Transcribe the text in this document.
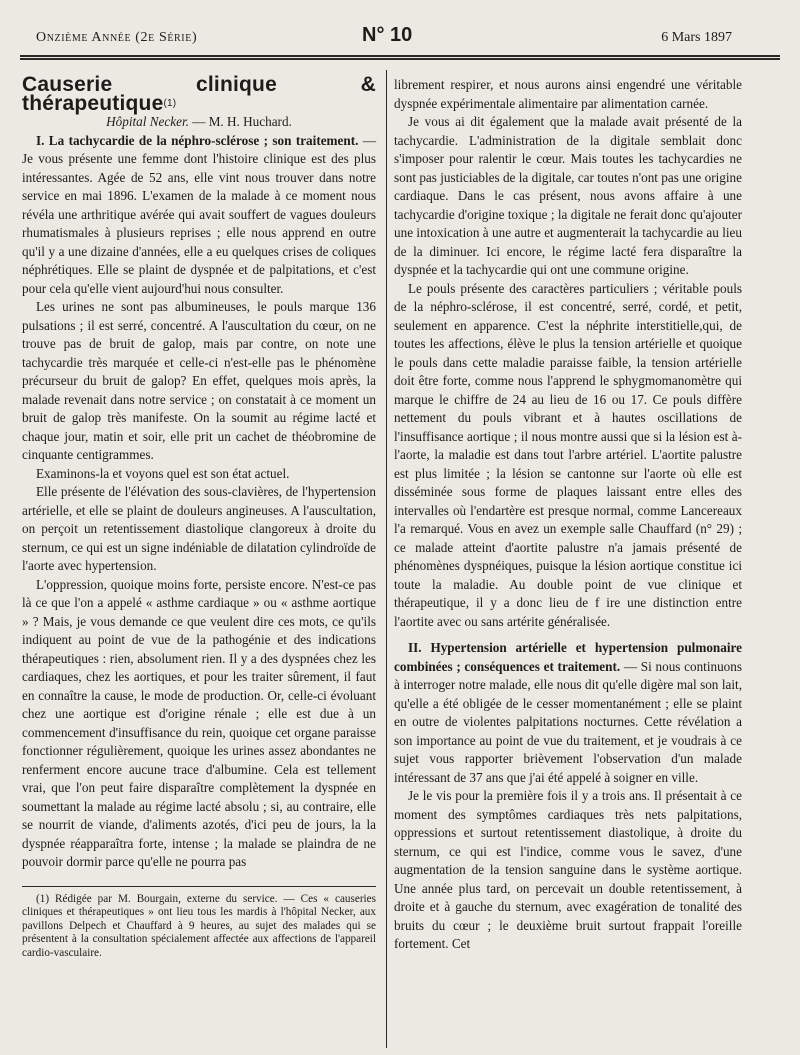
Onzième Année (2e Série)	N° 10	6 Mars 1897

Causerie clinique & thérapeutique$^{(1)}$

Hôpital Necker. — M. H. Huchard.

I. La tachycardie de la néphro-sclérose ; son traitement. — Je vous présente une femme dont l'histoire clinique est des plus intéressantes. Agée de 52 ans, elle vint nous trouver dans notre service en mai 1896. L'examen de la malade à ce moment nous révéla une arthritique avérée qui avait souffert de vagues douleurs rhumatismales à plusieurs reprises ; elle nous apprend en outre qu'il y a une dizaine d'années, elle a eu quelques crises de coliques néphrétiques. Elle se plaint de dyspnée et de palpitations, et c'est pour cela qu'elle vient aujourd'hui nous consulter.

Les urines ne sont pas albumineuses, le pouls marque 136 pulsations ; il est serré, concentré. A l'auscultation du cœur, on ne trouve pas de bruit de galop, mais par contre, on note une tachycardie très marquée et celle-ci n'est-elle pas le phénomène précurseur du bruit de galop? En effet, quelques mois après, la malade revenait dans notre service ; on constatait à ce moment un bruit de galop très manifeste. On la soumit au régime lacté et chaque jour, matin et soir, elle prit un cachet de théobromine de cinquante centigrammes.

Examinons-la et voyons quel est son état actuel.

Elle présente de l'élévation des sous-clavières, de l'hypertension artérielle, et elle se plaint de douleurs angineuses. A l'auscultation, on perçoit un retentissement diastolique clangoreux à droite du sternum, ce qui est un signe indéniable de dilatation cylindroïde de l'aorte avec hypertension.

L'oppression, quoique moins forte, persiste encore. N'est-ce pas là ce que l'on a appelé « asthme cardiaque » ou « asthme aortique » ? Mais, je vous demande ce que veulent dire ces mots, ce qu'ils indiquent au point de vue de la pathogénie et des indications thérapeutiques : rien, absolument rien. Il y a des dyspnées chez les cardiaques, chez les aortiques, et pour les traiter sûrement, il faut en connaître la cause, le mode de production. Or, celle-ci évoluant chez une aortique est d'origine rénale ; elle est due à un commencement d'insuffisance du rein, quoique cet organe paraisse fonctionner régulièrement, quoique les urines assez abondantes ne renferment encore aucune trace d'albumine. Cela est tellement vrai, que l'on peut faire disparaître complètement la dyspnée en soumettant la malade au régime lacté absolu ; si, au contraire, elle se nourrit de viande, d'aliments azotés, d'ici peu de jours, la la dyspnée réapparaîtra forte, intense ; la malade se plaindra de ne pouvoir dormir parce qu'elle ne pourra pas

(1) Rédigée par M. Bourgain, externe du service. — Ces « causeries cliniques et thérapeutiques » ont lieu tous les mardis à l'hôpital Necker, aux pavillons Delpech et Chauffard à 9 heures, au sujet des malades qui se présentent à la consultation spécialement affectée aux affections de l'appareil cardio-vasculaire.

librement respirer, et nous aurons ainsi engendré une véritable dyspnée expérimentale alimentaire par alimentation carnée.

Je vous ai dit également que la malade avait présenté de la tachycardie. L'administration de la digitale semblait donc s'imposer pour ralentir le cœur. Mais toutes les tachycardies ne sont pas justiciables de la digitale, car toutes n'ont pas une origine cardiaque. Dans le cas présent, nous avons affaire à une tachycardie d'origine toxique ; la digitale ne ferait donc qu'ajouter une intoxication à une autre et augmenterait la tachycardie au lieu de la diminuer. Ici encore, le régime lacté fera disparaître la dyspnée et la tachycardie qui ont une commune origine.

Le pouls présente des caractères particuliers ; véritable pouls de la néphro-sclérose, il est concentré, serré, cordé, et petit, seulement en apparence. C'est la néphrite interstitielle,qui, de toutes les affections, élève le plus la tension artérielle et quoique le pouls dans cette maladie paraisse faible, la tension artérielle doit être forte, comme nous l'apprend le sphygmomanomètre qui marque le chiffre de 24 au lieu de 16 ou 17. Ce pouls diffère nettement du pouls vibrant et à hautes oscillations de l'insuffisance aortique ; il nous montre aussi que si la lésion est à-l'aorte, la maladie est dans tout l'arbre artériel. L'aortite palustre est plus limitée ; la lésion se cantonne sur l'aorte où elle est disséminée sous forme de plaques laissant entre elles des intervalles où l'endartère est presque normal, comme Lancereaux l'a remarqué. Vous en avez un exemple salle Chauffard (n° 29) ; ce malade atteint d'aortite palustre n'a jamais présenté de phénomènes dyspnéiques, puisque la lésion aortique constitue ici toute la maladie. Au double point de vue clinique et thérapeutique, il y a donc lieu de f ire une distinction entre l'aortite avec ou sans artérite généralisée.

II. Hypertension artérielle et hypertension pulmonaire combinées ; conséquences et traitement. — Si nous continuons à interroger notre malade, elle nous dit qu'elle digère mal son lait, qu'elle a été obligée de le cesser momentanément ; elle se plaint en outre de violentes palpitations nocturnes. Cette révélation a son importance au point de vue du traitement, et je voudrais à ce sujet vous rapporter brièvement l'observation d'un malade intéressant de 37 ans que j'ai été appelé à soigner en ville.

Je le vis pour la première fois il y a trois ans. Il présentait à ce moment des symptômes cardiaques très nets palpitations, oppressions et surtout retentissement diastolique, à droite du sternum, ce qui est l'indice, comme vous le savez, d'une augmentation de la tension sanguine dans le système aortique. Une année plus tard, on percevait un double retentissement, à droite et à gauche du sternum, avec exagération de tonalité des bruits du cœur ; le deuxième bruit surtout frappait l'oreille fortement. Cet
